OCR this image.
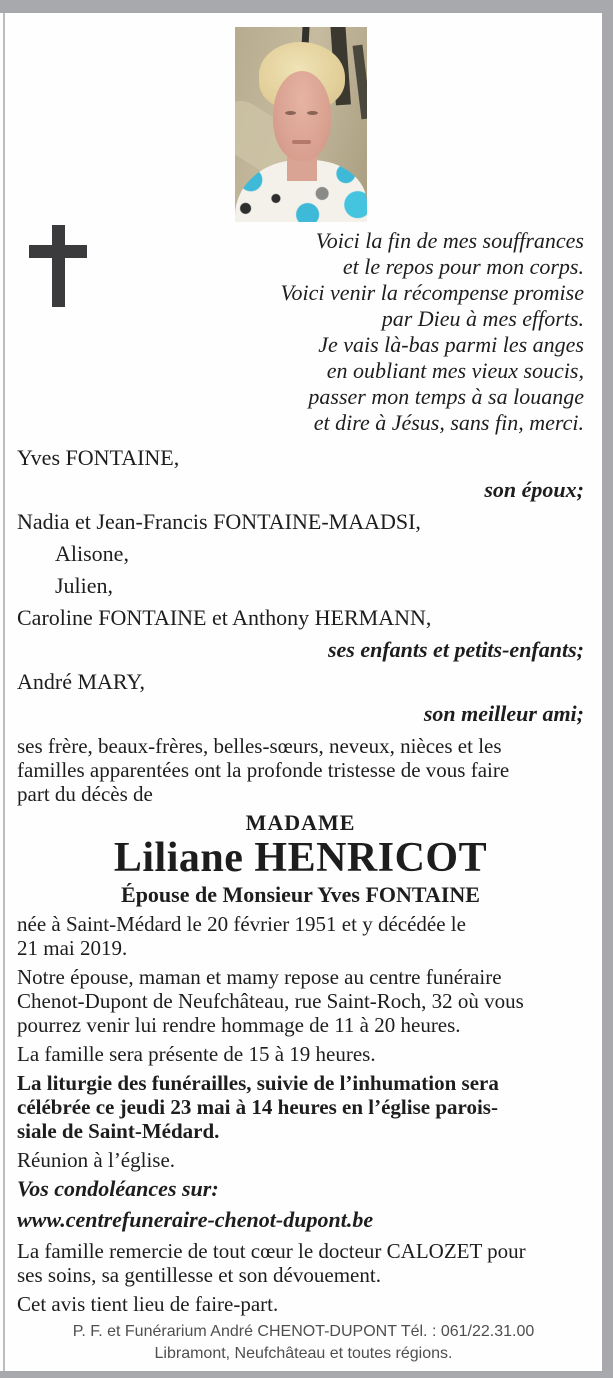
Voici la fin de mes souffrances
et le repos pour mon corps.
Voici venir la récompense promise
par Dieu à mes efforts.
Je vais là-bas parmi les anges
en oubliant mes vieux soucis,
passer mon temps à sa louange
et dire à Jésus, sans fin, merci.
Yves FONTAINE,
son époux;
Nadia et Jean-Francis FONTAINE-MAADSI,
Alisone,
Julien,
Caroline FONTAINE et Anthony HERMANN,
ses enfants et petits-enfants;
André MARY,
son meilleur ami;
ses frère, beaux-frères, belles-sœurs, neveux, nièces et les
familles apparentées ont la profonde tristesse de vous faire
part du décès de
MADAME
Liliane HENRICOT
Épouse de Monsieur Yves FONTAINE
née à Saint-Médard le 20 février 1951 et y décédée le
21 mai 2019.
Notre épouse, maman et mamy repose au centre funéraire
Chenot-Dupont de Neufchâteau, rue Saint-Roch, 32 où vous
pourrez venir lui rendre hommage de 11 à 20 heures.
La famille sera présente de 15 à 19 heures.
La liturgie des funérailles, suivie de l’inhumation sera
célébrée ce jeudi 23 mai à 14 heures en l’église parois-
siale de Saint-Médard.
Réunion à l’église.
Vos condoléances sur:
www.centrefuneraire-chenot-dupont.be
La famille remercie de tout cœur le docteur CALOZET pour
ses soins, sa gentillesse et son dévouement.
Cet avis tient lieu de faire-part.
P. F. et Funérarium André CHENOT-DUPONT Tél. : 061/22.31.00
Libramont, Neufchâteau et toutes régions.
